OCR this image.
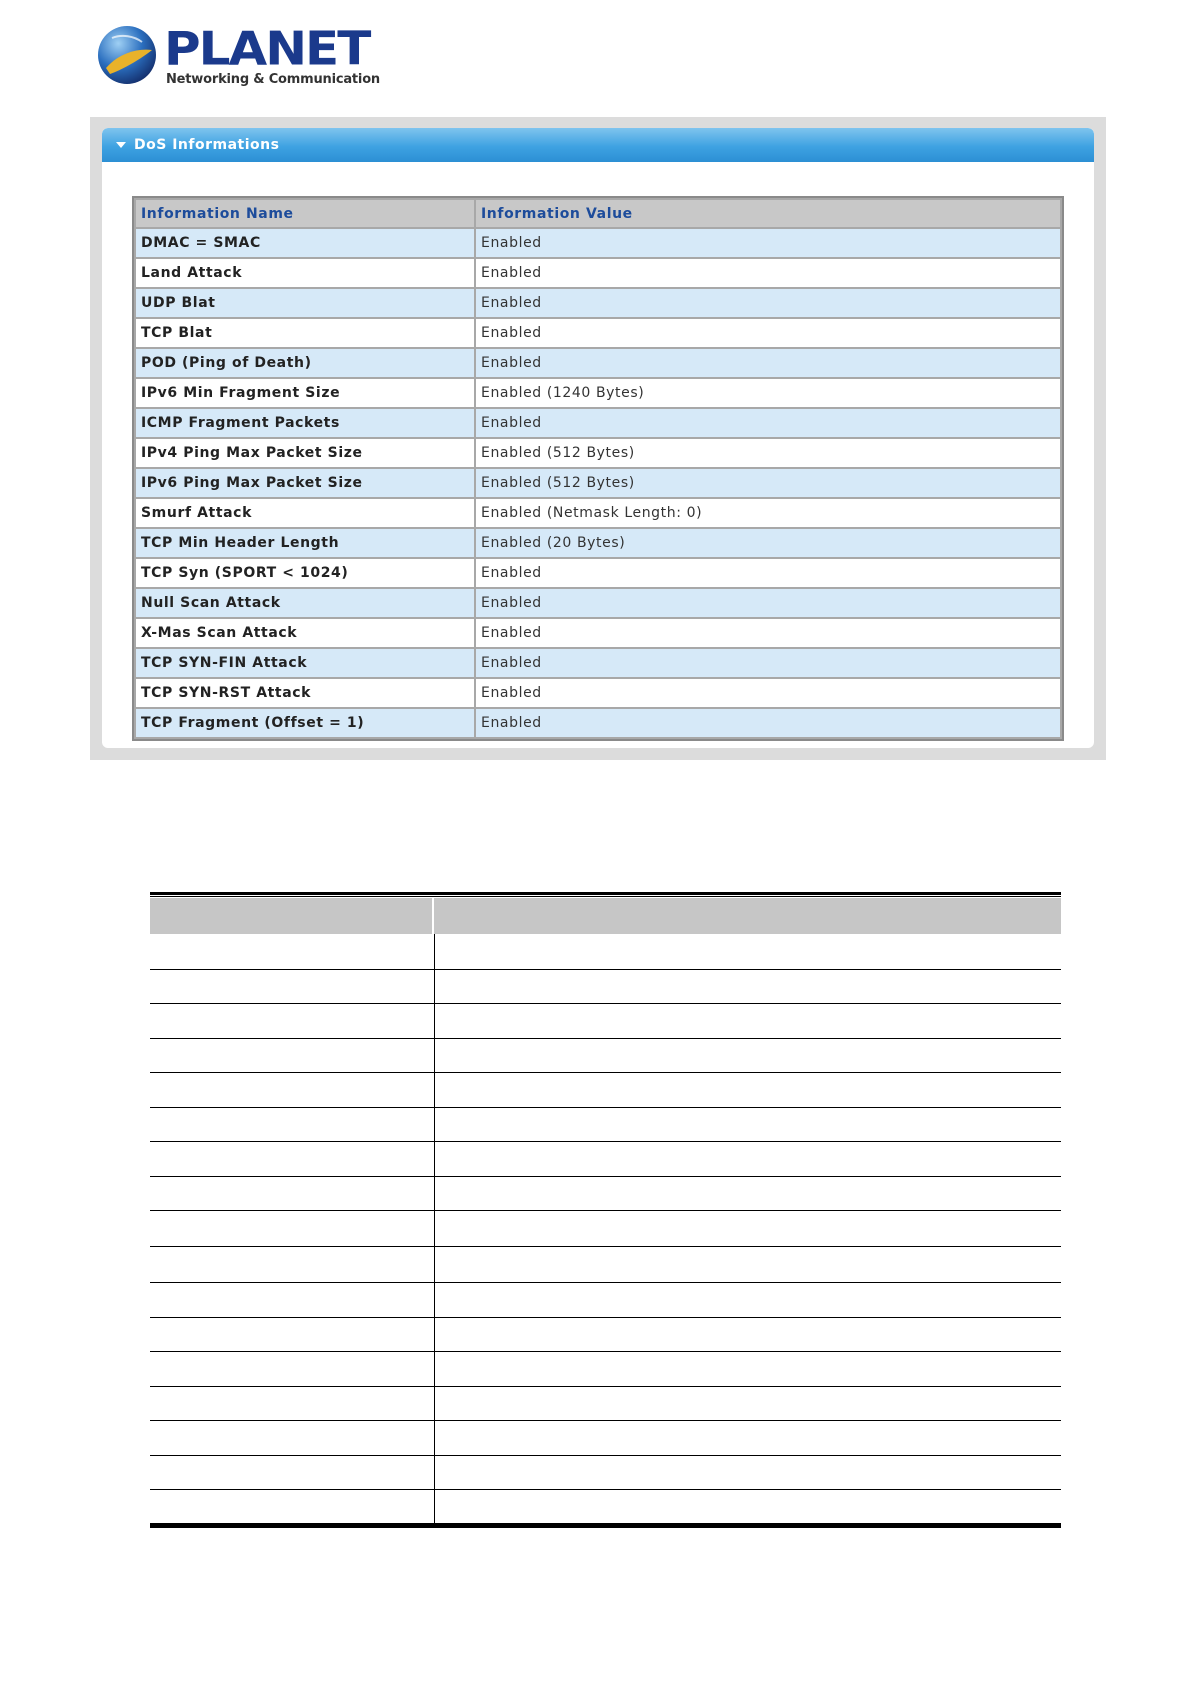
PLANET
Networking & Communication
DoS Informations
Information Name	Information Value
DMAC = SMAC	Enabled
Land Attack	Enabled
UDP Blat	Enabled
TCP Blat	Enabled
POD (Ping of Death)	Enabled
IPv6 Min Fragment Size	Enabled (1240 Bytes)
ICMP Fragment Packets	Enabled
IPv4 Ping Max Packet Size	Enabled (512 Bytes)
IPv6 Ping Max Packet Size	Enabled (512 Bytes)
Smurf Attack	Enabled (Netmask Length: 0)
TCP Min Header Length	Enabled (20 Bytes)
TCP Syn (SPORT < 1024)	Enabled
Null Scan Attack	Enabled
X-Mas Scan Attack	Enabled
TCP SYN-FIN Attack	Enabled
TCP SYN-RST Attack	Enabled
TCP Fragment (Offset = 1)	Enabled
